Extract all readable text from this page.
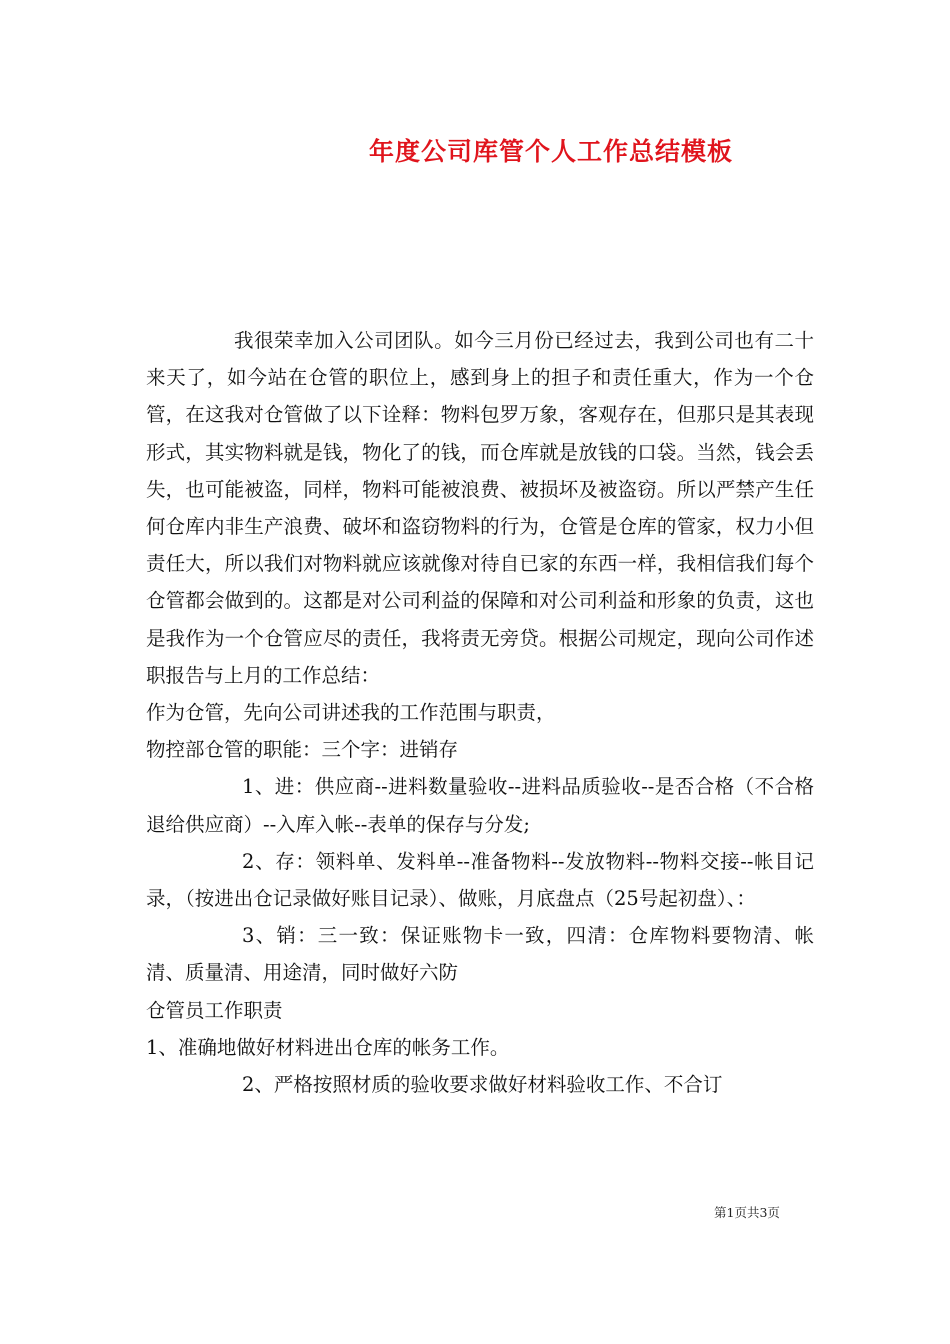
年度公司库管个人工作总结模板

我很荣幸加入公司团队。如今三月份已经过去，我到公司也有二十来天了，如今站在仓管的职位上，感到身上的担子和责任重大，作为一个仓管，在这我对仓管做了以下诠释：物料包罗万象，客观存在，但那只是其表现形式，其实物料就是钱，物化了的钱，而仓库就是放钱的口袋。当然，钱会丢失，也可能被盗，同样，物料可能被浪费、被损坏及被盗窃。所以严禁产生任何仓库内非生产浪费、破坏和盗窃物料的行为，仓管是仓库的管家，权力小但责任大，所以我们对物料就应该就像对待自已家的东西一样，我相信我们每个仓管都会做到的。这都是对公司利益的保障和对公司利益和形象的负责，这也是我作为一个仓管应尽的责任，我将责无旁贷。根据公司规定，现向公司作述职报告与上月的工作总结：

作为仓管，先向公司讲述我的工作范围与职责，

物控部仓管的职能：三个字：进销存

1、进：供应商--进料数量验收--进料品质验收--是否合格（不合格退给供应商）--入库入帐--表单的保存与分发;

2、存：领料单、发料单--准备物料--发放物料--物料交接--帐目记录，（按进出仓记录做好账目记录）、做账，月底盘点（25号起初盘）、：

3、销：三一致：保证账物卡一致，四清：仓库物料要物清、帐清、质量清、用途清，同时做好六防

仓管员工作职责

1、准确地做好材料进出仓库的帐务工作。

2、严格按照材质的验收要求做好材料验收工作、不合订

第1页共3页
